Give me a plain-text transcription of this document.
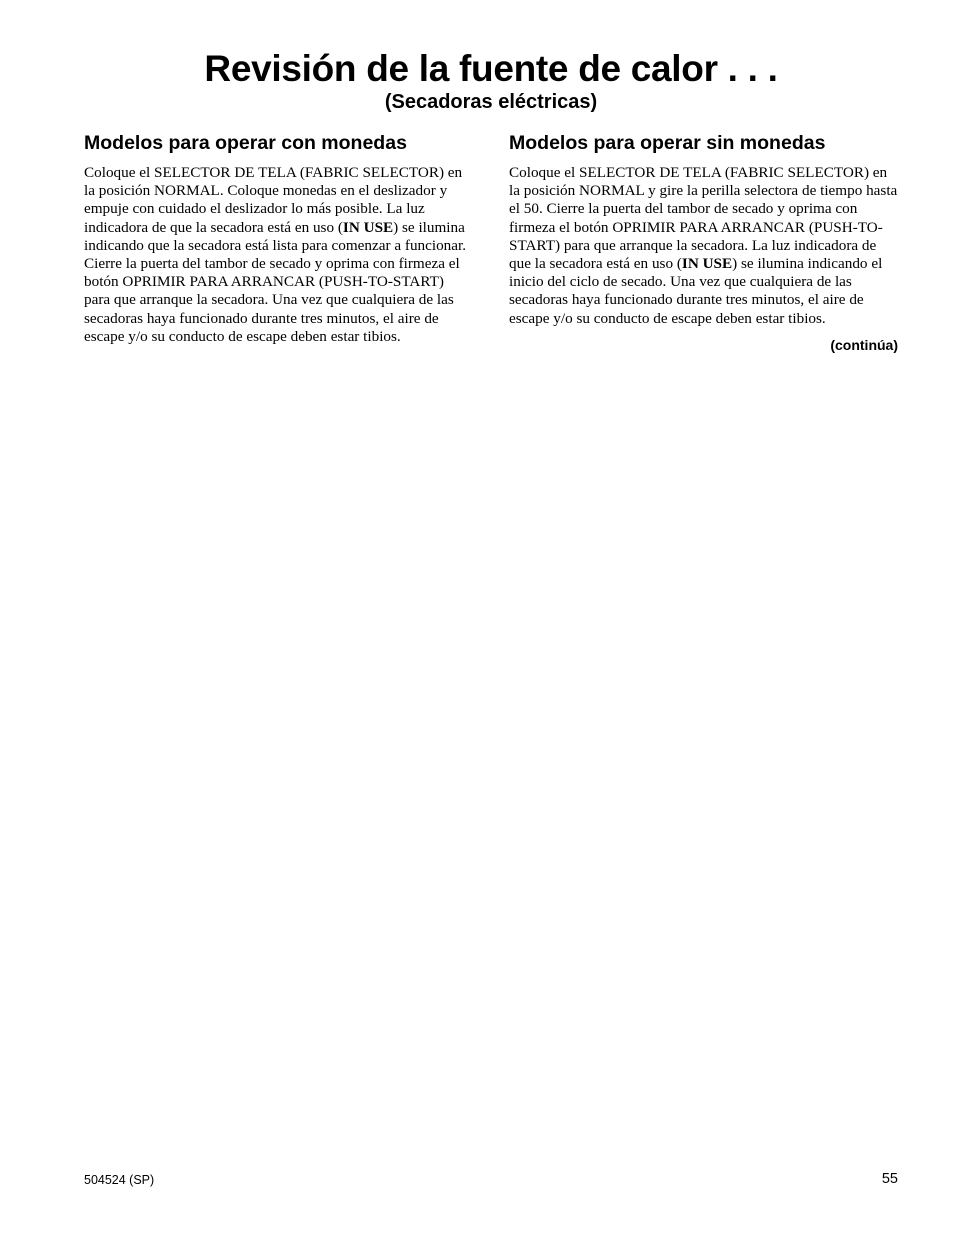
Revisión de la fuente de calor . . .
(Secadoras eléctricas)
Modelos para operar con monedas

Coloque el SELECTOR DE TELA (FABRIC SELECTOR) en la posición NORMAL. Coloque monedas en el deslizador y empuje con cuidado el deslizador lo más posible. La luz indicadora de que la secadora está en uso (IN USE) se ilumina indicando que la secadora está lista para comenzar a funcionar. Cierre la puerta del tambor de secado y oprima con firmeza el botón OPRIMIR PARA ARRANCAR (PUSH-TO-START) para que arranque la secadora. Una vez que cualquiera de las secadoras haya funcionado durante tres minutos, el aire de escape y/o su conducto de escape deben estar tibios.

Modelos para operar sin monedas

Coloque el SELECTOR DE TELA (FABRIC SELECTOR) en la posición NORMAL y gire la perilla selectora de tiempo hasta el 50. Cierre la puerta del tambor de secado y oprima con firmeza el botón OPRIMIR PARA ARRANCAR (PUSH-TO-START) para que arranque la secadora. La luz indicadora de que la secadora está en uso (IN USE) se ilumina indicando el inicio del ciclo de secado. Una vez que cualquiera de las secadoras haya funcionado durante tres minutos, el aire de escape y/o su conducto de escape deben estar tibios.

(continúa)
504524 (SP)	55
